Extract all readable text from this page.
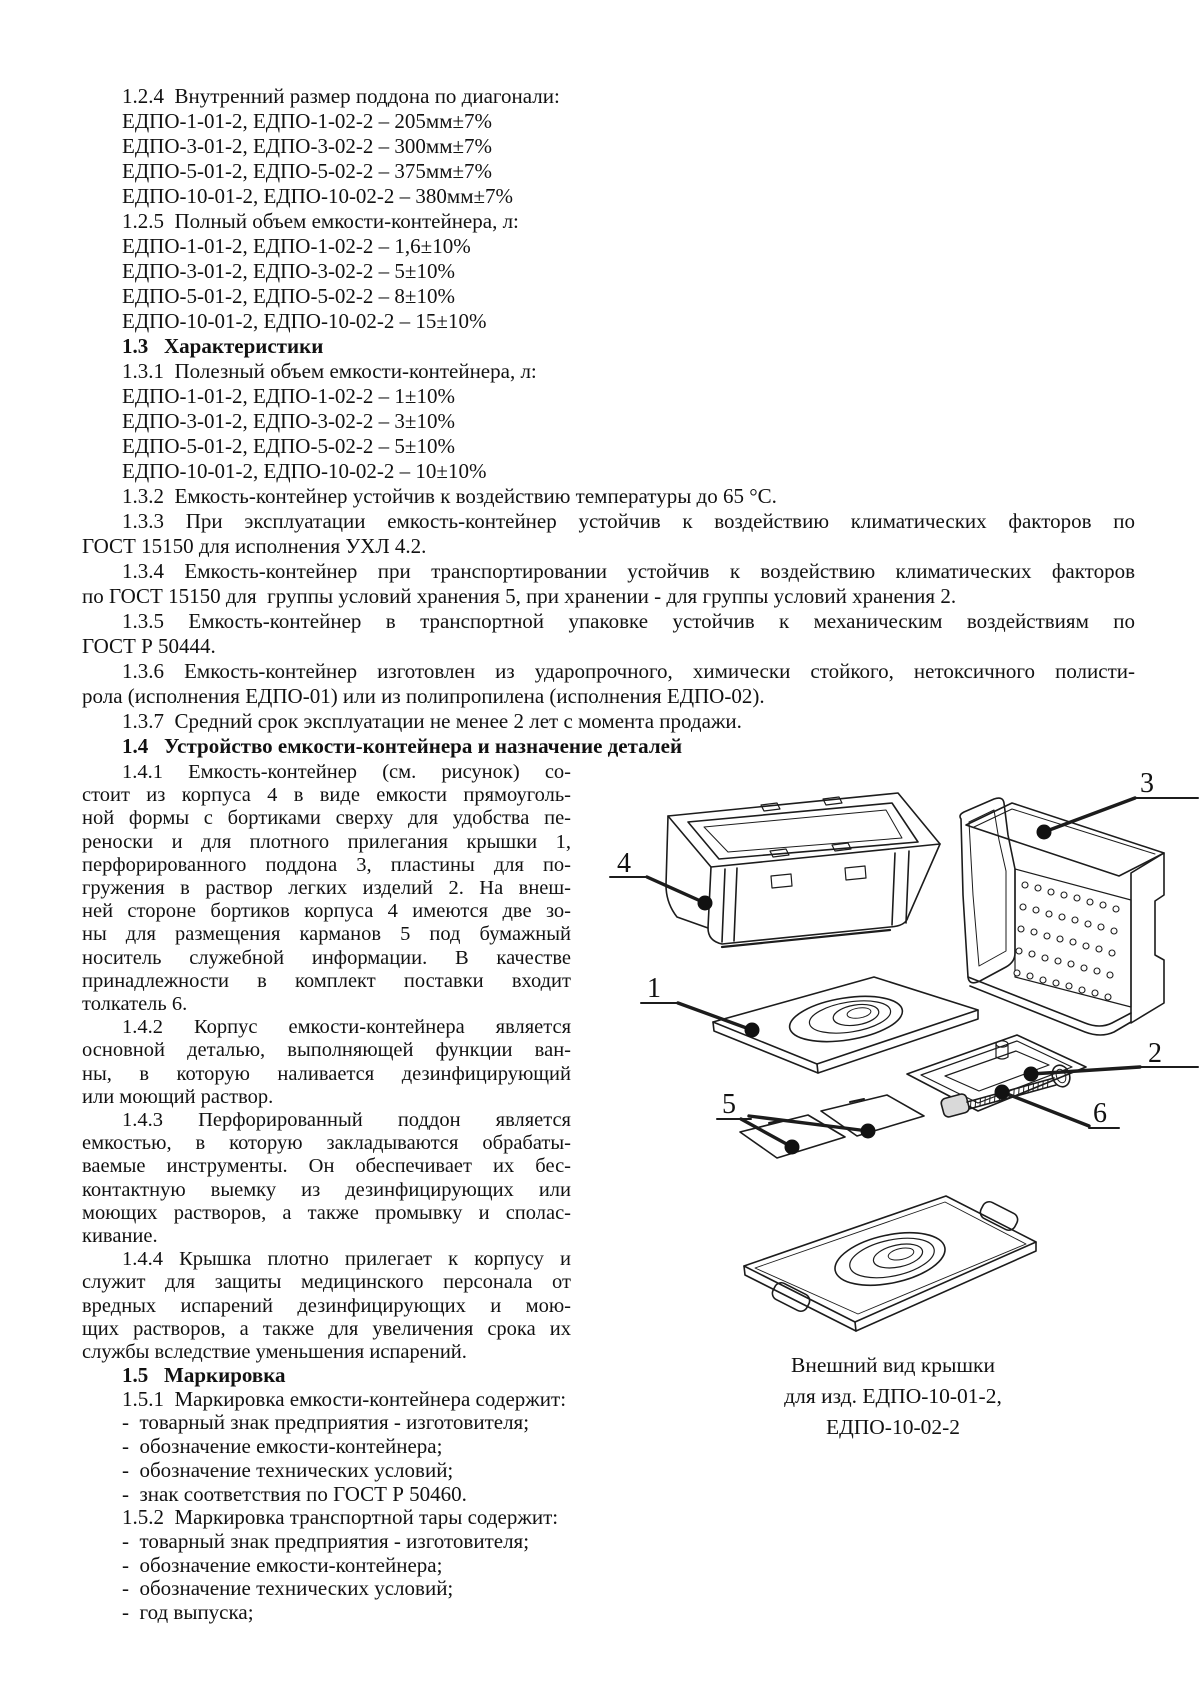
1.2.4  Внутренний размер поддона по диагонали:
ЕДПО-1-01-2, ЕДПО-1-02-2 – 205мм±7%
ЕДПО-3-01-2, ЕДПО-3-02-2 – 300мм±7%
ЕДПО-5-01-2, ЕДПО-5-02-2 – 375мм±7%
ЕДПО-10-01-2, ЕДПО-10-02-2 – 380мм±7%
1.2.5  Полный объем емкости-контейнера, л:
ЕДПО-1-01-2, ЕДПО-1-02-2 – 1,6±10%
ЕДПО-3-01-2, ЕДПО-3-02-2 – 5±10%
ЕДПО-5-01-2, ЕДПО-5-02-2 – 8±10%
ЕДПО-10-01-2, ЕДПО-10-02-2 – 15±10%
1.3   Характеристики
1.3.1  Полезный объем емкости-контейнера, л:
ЕДПО-1-01-2, ЕДПО-1-02-2 – 1±10%
ЕДПО-3-01-2, ЕДПО-3-02-2 – 3±10%
ЕДПО-5-01-2, ЕДПО-5-02-2 – 5±10%
ЕДПО-10-01-2, ЕДПО-10-02-2 – 10±10%
1.3.2  Емкость-контейнер устойчив к воздействию температуры до 65 °С.
1.3.3 При эксплуатации емкость-контейнер устойчив к воздействию климатических факторов по
ГОСТ 15150 для исполнения УХЛ 4.2.
1.3.4 Емкость-контейнер при транспортировании устойчив к воздействию климатических факторов
по ГОСТ 15150 для  группы условий хранения 5, при хранении - для группы условий хранения 2.
1.3.5 Емкость-контейнер в транспортной упаковке устойчив к механическим воздействиям по
ГОСТ Р 50444.
1.3.6 Емкость-контейнер изготовлен из ударопрочного, химически стойкого, нетоксичного полисти-
рола (исполнения ЕДПО-01) или из полипропилена (исполнения ЕДПО-02).
1.3.7  Средний срок эксплуатации не менее 2 лет с момента продажи.
1.4   Устройство емкости-контейнера и назначение деталей
1.4.1 Емкость-контейнер (см. рисунок) со-
стоит из корпуса 4 в виде емкости прямоуголь-
ной формы с бортиками сверху для удобства пе-
реноски и для плотного прилегания крышки 1,
перфорированного поддона 3, пластины для по-
гружения в раствор легких изделий 2. На внеш-
ней стороне бортиков корпуса 4 имеются две зо-
ны для размещения карманов 5 под бумажный
носитель служебной информации. В качестве
принадлежности в комплект поставки входит
толкатель 6.
1.4.2 Корпус емкости-контейнера является
основной деталью, выполняющей функции ван-
ны, в которую наливается дезинфицирующий
или моющий раствор.
1.4.3 Перфорированный поддон является
емкостью, в которую закладываются обрабаты-
ваемые инструменты. Он обеспечивает их бес-
контактную выемку из дезинфицирующих или
моющих растворов, а также промывку и сполас-
кивание.
1.4.4 Крышка плотно прилегает к корпусу и
служит для защиты медицинского персонала от
вредных испарений дезинфицирующих и мою-
щих растворов, а также для увеличения срока их
службы вследствие уменьшения испарений.
1.5   Маркировка
1.5.1  Маркировка емкости-контейнера содержит:
-  товарный знак предприятия - изготовителя;
-  обозначение емкости-контейнера;
-  обозначение технических условий;
-  знак соответствия по ГОСТ Р 50460.
1.5.2  Маркировка транспортной тары содержит:
-  товарный знак предприятия - изготовителя;
-  обозначение емкости-контейнера;
-  обозначение технических условий;
-  год выпуска;
1
2
3
4
5	6
Внешний вид крышки
для изд. ЕДПО-10-01-2,
ЕДПО-10-02-2
